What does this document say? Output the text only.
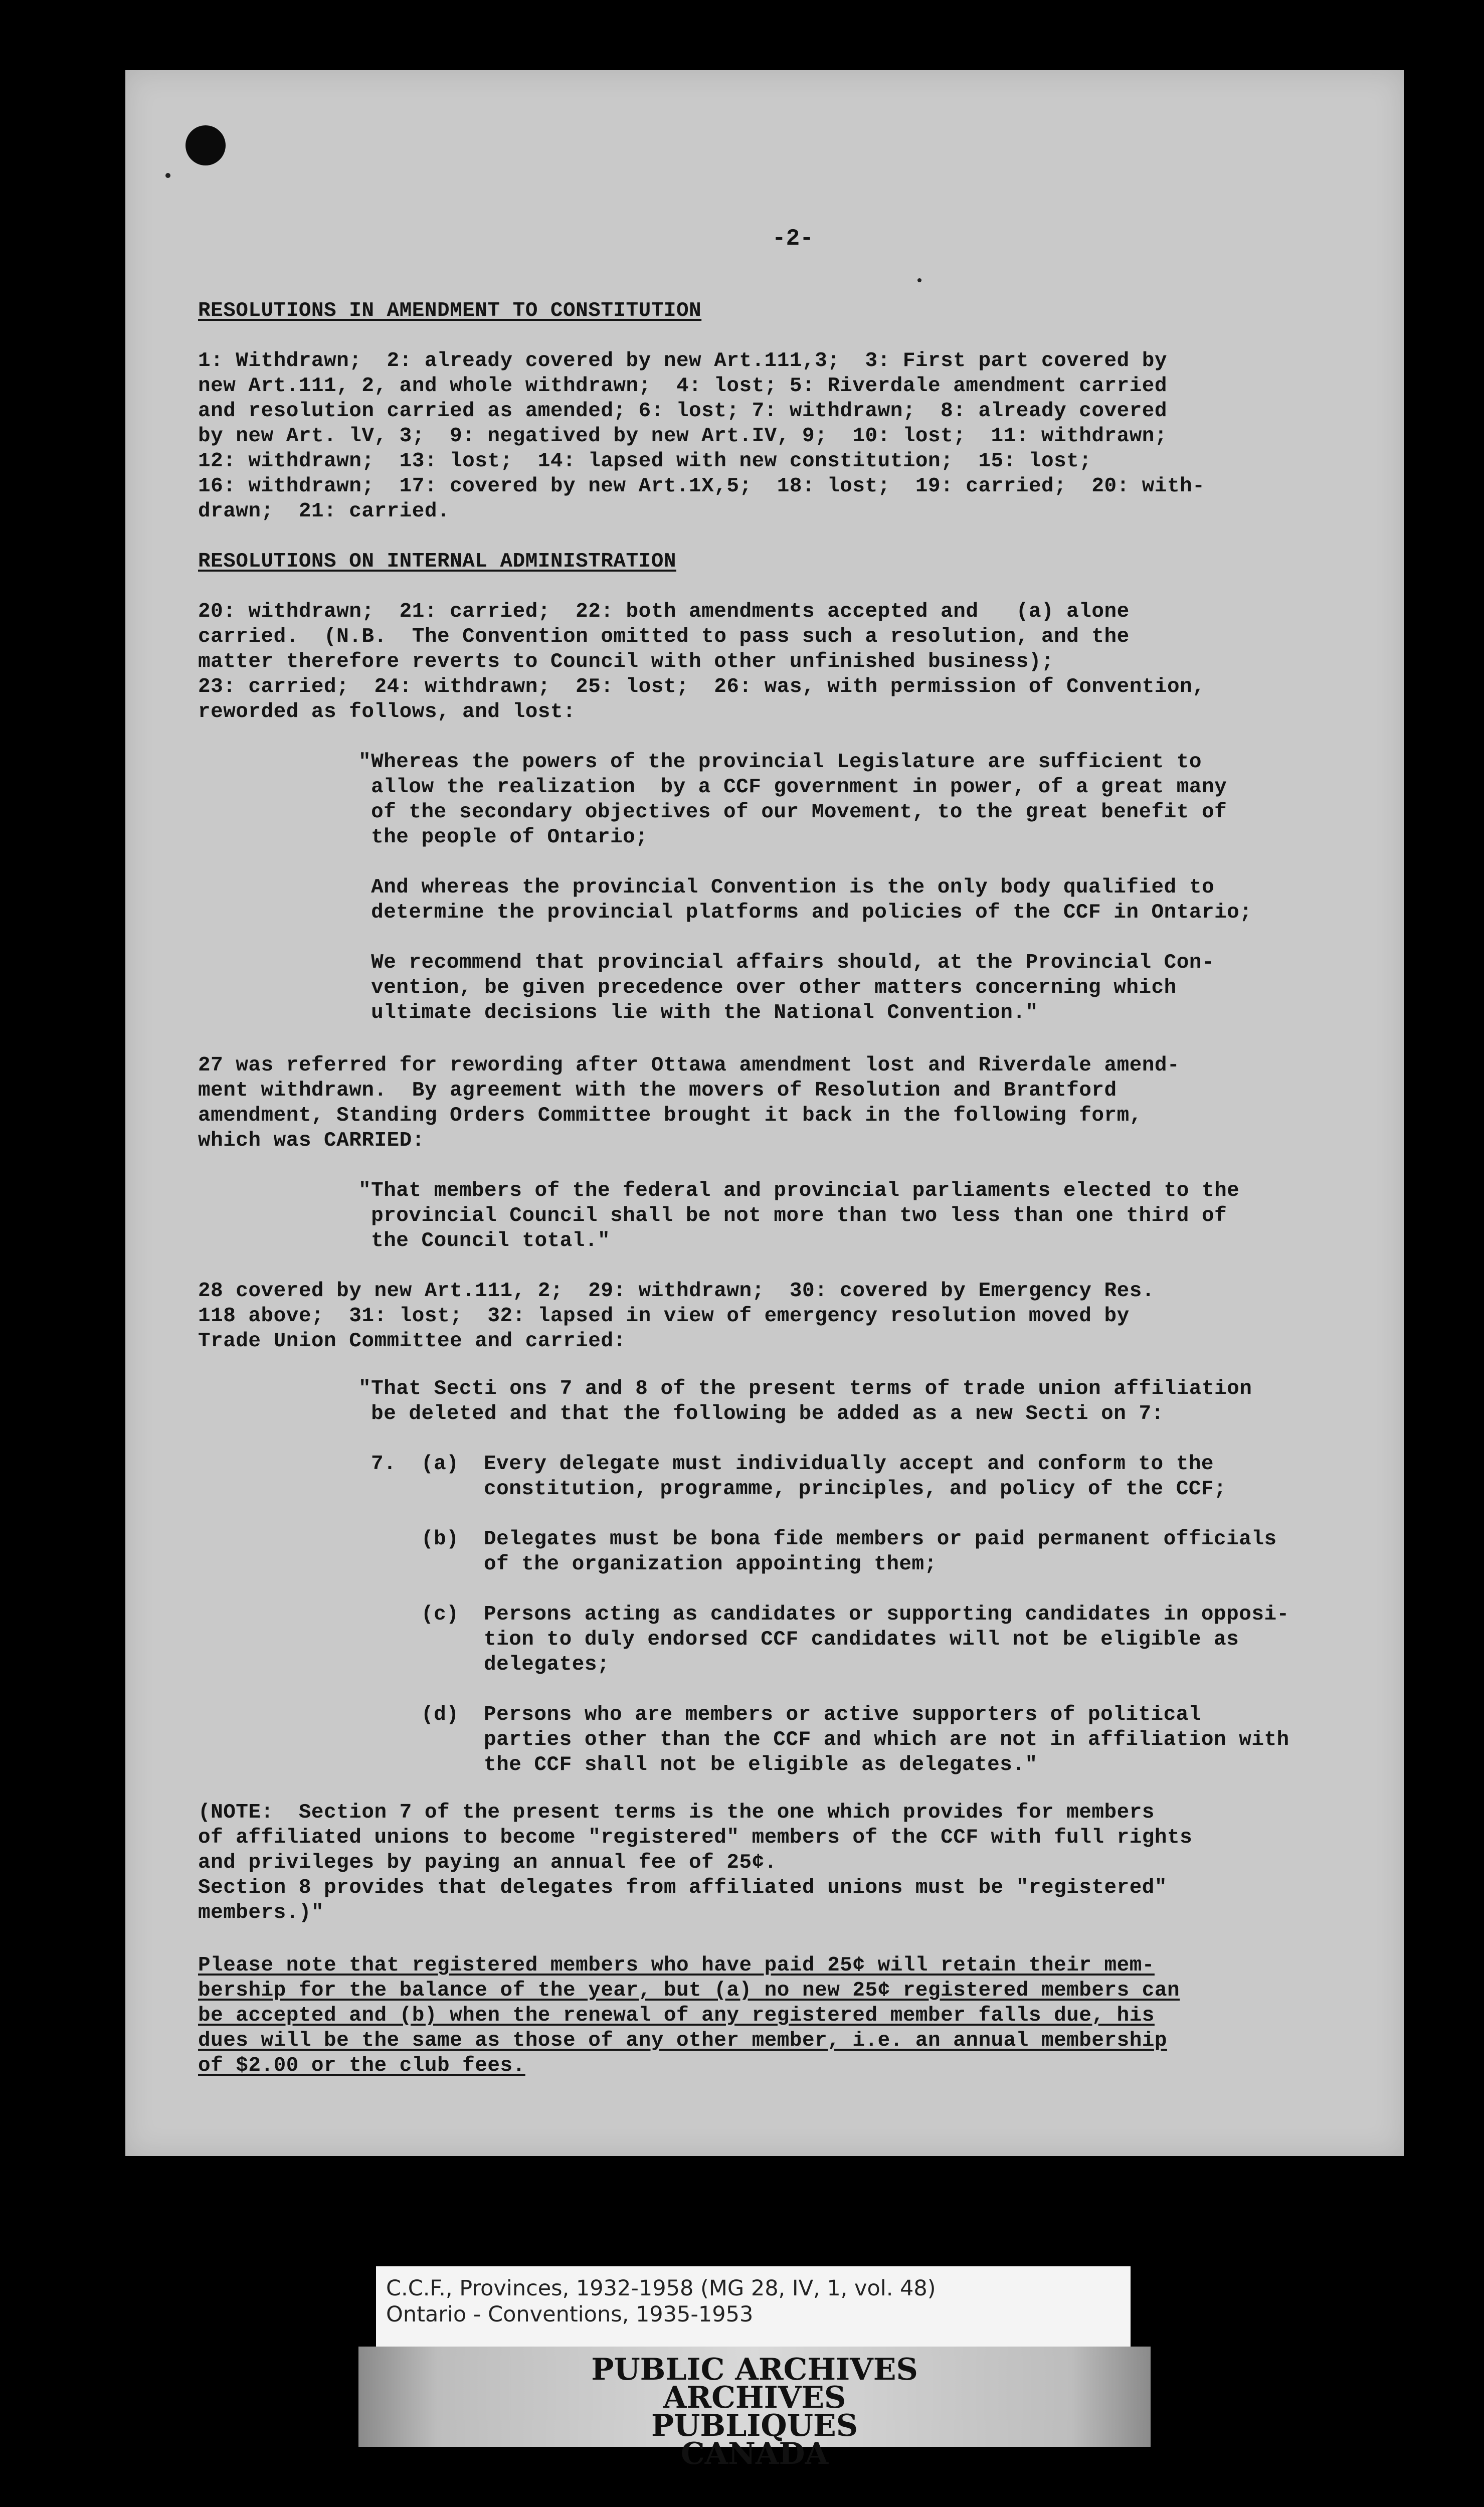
-2-
RESOLUTIONS IN AMENDMENT TO CONSTITUTION
1: Withdrawn;  2: already covered by new Art.111,3;  3: First part covered by
new Art.111, 2, and whole withdrawn;  4: lost; 5: Riverdale amendment carried
and resolution carried as amended; 6: lost; 7: withdrawn;  8: already covered
by new Art. lV, 3;  9: negatived by new Art.IV, 9;  10: lost;  11: withdrawn;
12: withdrawn;  13: lost;  14: lapsed with new constitution;  15: lost;
16: withdrawn;  17: covered by new Art.1X,5;  18: lost;  19: carried;  20: with-
drawn;  21: carried.
RESOLUTIONS ON INTERNAL ADMINISTRATION
20: withdrawn;  21: carried;  22: both amendments accepted and   (a) alone
carried.  (N.B.  The Convention omitted to pass such a resolution, and the
matter therefore reverts to Council with other unfinished business);
23: carried;  24: withdrawn;  25: lost;  26: was, with permission of Convention,
reworded as follows, and lost:
"Whereas the powers of the provincial Legislature are sufficient to
allow the realization  by a CCF government in power, of a great many
of the secondary objectives of our Movement, to the great benefit of
the people of Ontario;
And whereas the provincial Convention is the only body qualified to
determine the provincial platforms and policies of the CCF in Ontario;
We recommend that provincial affairs should, at the Provincial Con-
vention, be given precedence over other matters concerning which
ultimate decisions lie with the National Convention."
27 was referred for rewording after Ottawa amendment lost and Riverdale amend-
ment withdrawn.  By agreement with the movers of Resolution and Brantford
amendment, Standing Orders Committee brought it back in the following form,
which was CARRIED:
"That members of the federal and provincial parliaments elected to the
provincial Council shall be not more than two less than one third of
the Council total."
28 covered by new Art.111, 2;  29: withdrawn;  30: covered by Emergency Res.
118 above;  31: lost;  32: lapsed in view of emergency resolution moved by
Trade Union Committee and carried:
"That Secti ons 7 and 8 of the present terms of trade union affiliation
be deleted and that the following be added as a new Secti on 7:
7.	(a)	Every delegate must individually accept and conform to the
constitution, programme, principles, and policy of the CCF;
(b)	Delegates must be bona fide members or paid permanent officials
of the organization appointing them;
(c)	Persons acting as candidates or supporting candidates in opposi-
tion to duly endorsed CCF candidates will not be eligible as
delegates;
(d)	Persons who are members or active supporters of political
parties other than the CCF and which are not in affiliation with
the CCF shall not be eligible as delegates."
(NOTE:  Section 7 of the present terms is the one which provides for members
of affiliated unions to become "registered" members of the CCF with full rights
and privileges by paying an annual fee of 25¢.
Section 8 provides that delegates from affiliated unions must be "registered"
members.)"
Please note that registered members who have paid 25¢ will retain their mem-
bership for the balance of the year, but (a) no new 25¢ registered members can
be accepted and (b) when the renewal of any registered member falls due, his
dues will be the same as those of any other member, i.e. an annual membership
of $2.00 or the club fees.
C.C.F., Provinces, 1932-1958 (MG 28, IV, 1, vol. 48)
Ontario - Conventions, 1935-1953
PUBLIC ARCHIVES
ARCHIVES PUBLIQUES
CANADA
